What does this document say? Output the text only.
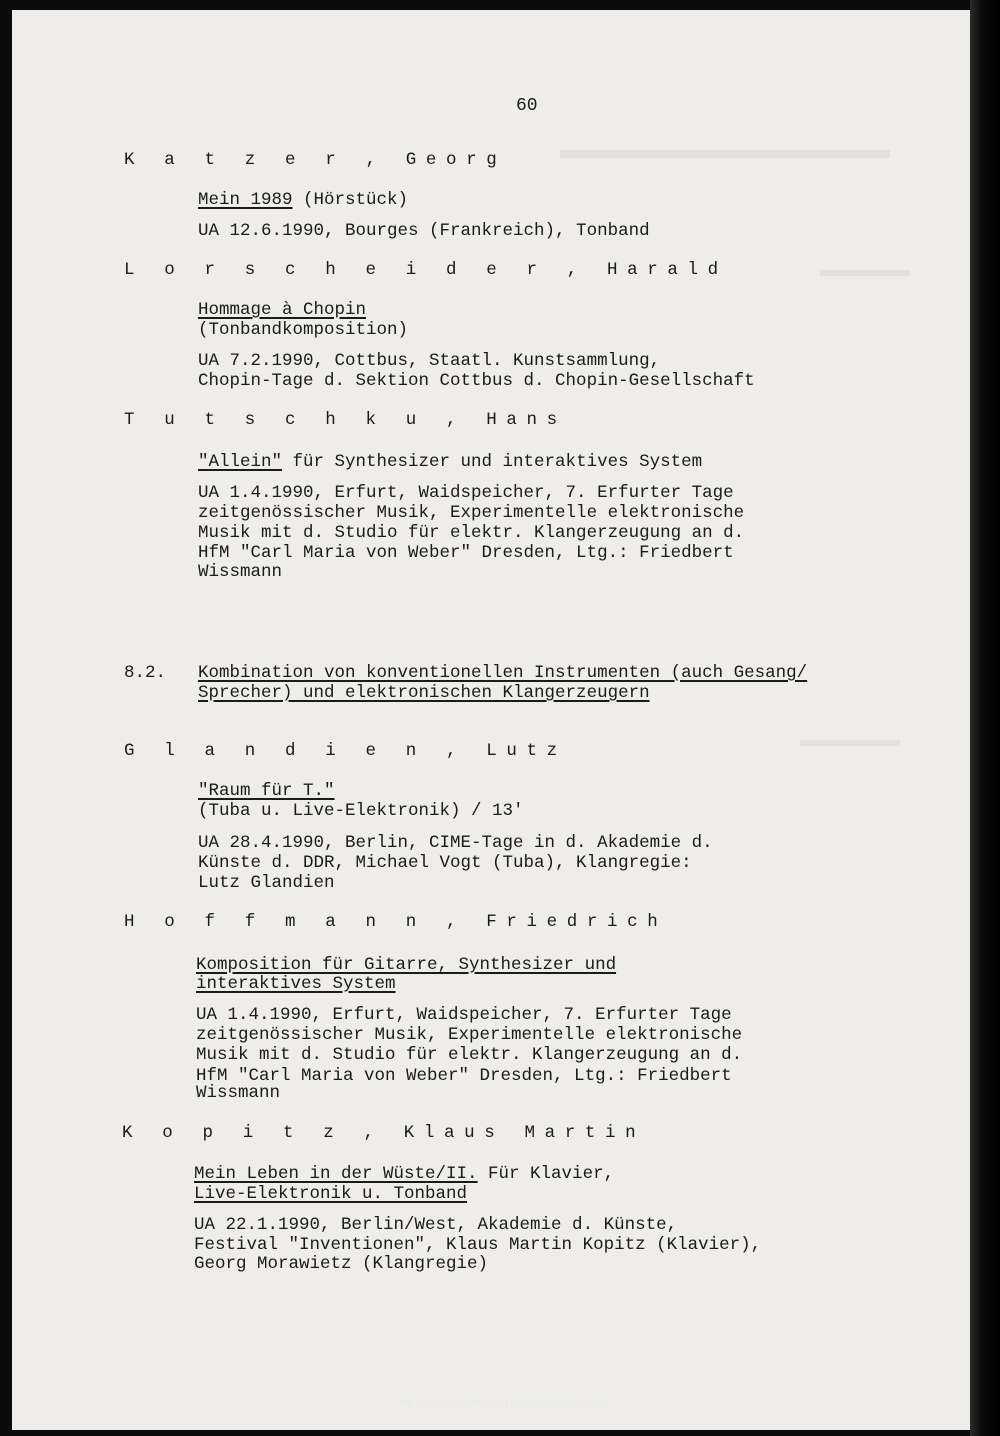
60
K a t z e r , Georg
Mein 1989 (Hörstück)
UA 12.6.1990, Bourges (Frankreich), Tonband
L o r s c h e i d e r , Harald
Hommage à Chopin
(Tonbandkomposition)
UA 7.2.1990, Cottbus, Staatl. Kunstsammlung,
Chopin-Tage d. Sektion Cottbus d. Chopin-Gesellschaft
T u t s c h k u , Hans
"Allein" für Synthesizer und interaktives System
UA 1.4.1990, Erfurt, Waidspeicher, 7. Erfurter Tage
zeitgenössischer Musik, Experimentelle elektronische
Musik mit d. Studio für elektr. Klangerzeugung an d.
HfM "Carl Maria von Weber" Dresden, Ltg.: Friedbert
Wissmann
8.2. Kombination von konventionellen Instrumenten (auch Gesang/
Sprecher) und elektronischen Klangerzeugern
G l a n d i e n , Lutz
"Raum für T."
(Tuba u. Live-Elektronik) / 13'
UA 28.4.1990, Berlin, CIME-Tage in d. Akademie d.
Künste d. DDR, Michael Vogt (Tuba), Klangregie:
Lutz Glandien
H o f f m a n n , Friedrich
Komposition für Gitarre, Synthesizer und
interaktives System
UA 1.4.1990, Erfurt, Waidspeicher, 7. Erfurter Tage
zeitgenössischer Musik, Experimentelle elektronische
Musik mit d. Studio für elektr. Klangerzeugung an d.
HfM "Carl Maria von Weber" Dresden, Ltg.: Friedbert
Wissmann
K o p i t z , Klaus Martin
Mein Leben in der Wüste/II. Für Klavier,
Live-Elektronik u. Tonband
UA 22.1.1990, Berlin/West, Akademie d. Künste,
Festival "Inventionen", Klaus Martin Kopitz (Klavier),
Georg Morawietz (Klangregie)
http://digital.slub-dresden.de/ppn395801602Z83
